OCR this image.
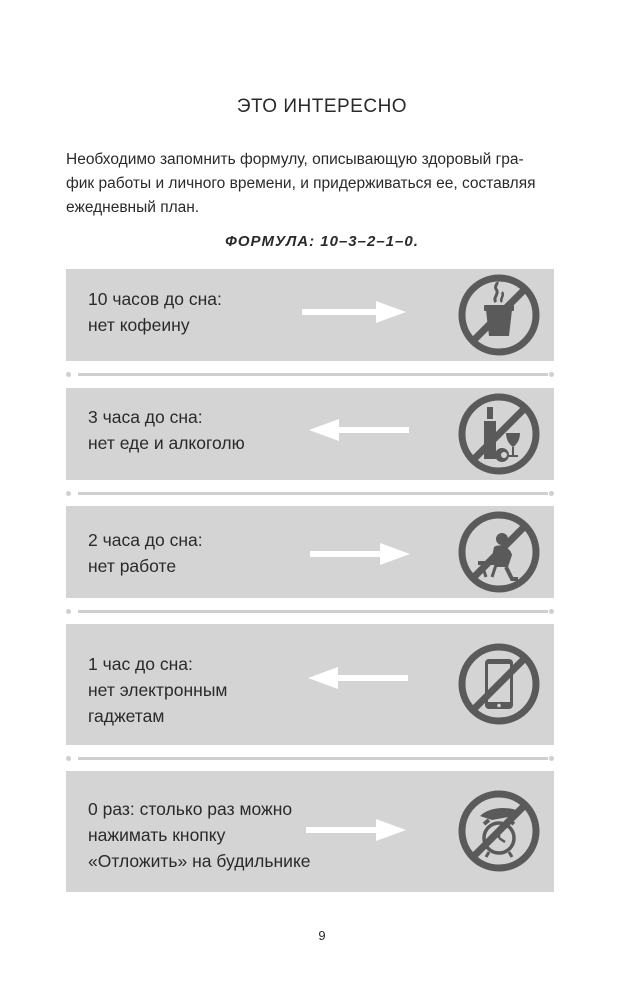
ЭТО ИНТЕРЕСНО
Необходимо запомнить формулу, описывающую здоровый гра-
фик работы и личного времени, и придерживаться ее, составляя
ежедневный план.
ФОРМУЛА: 10–3–2–1–0.
10 часов до сна:
нет кофеину
3 часа до сна:
нет еде и алкоголю
2 часа до сна:
нет работе
1 час до сна:
нет электронным
гаджетам
0 раз: столько раз можно
нажимать кнопку
«Отложить» на будильнике
9
